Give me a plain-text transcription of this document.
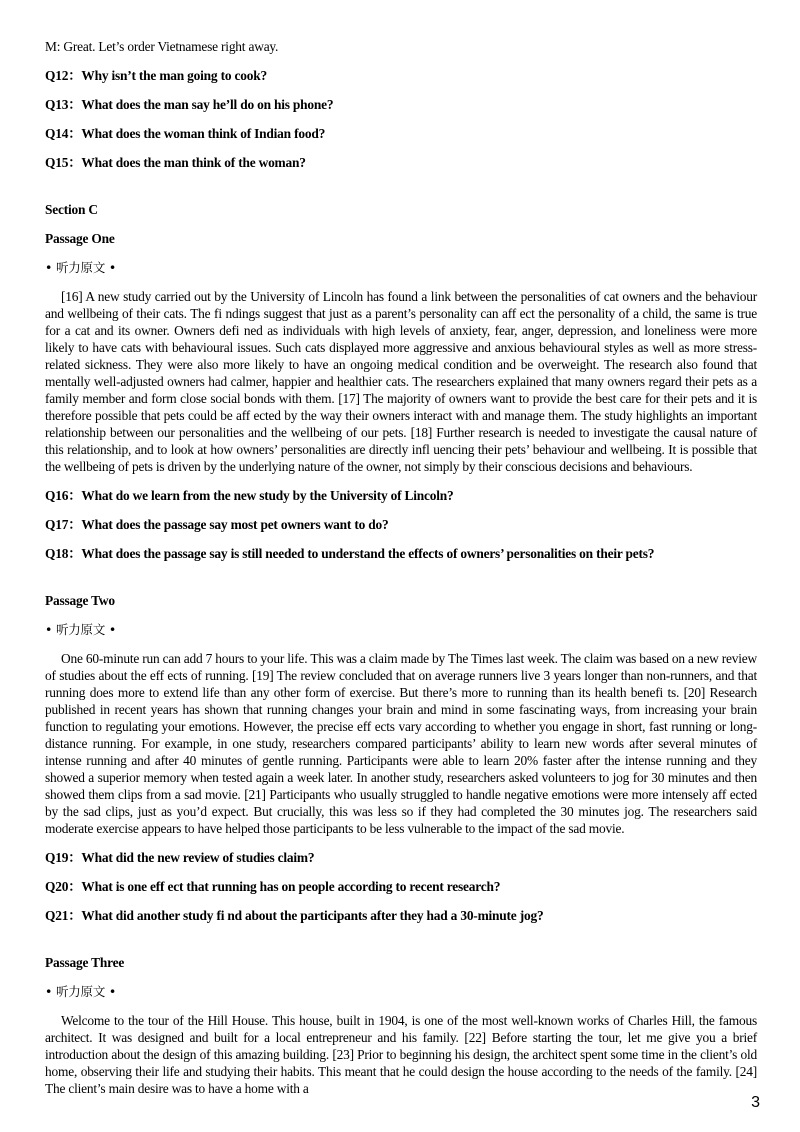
M: Great. Let’s order Vietnamese right away.

Q12：Why isn’t the man going to cook?

Q13：What does the man say he’ll do on his phone?

Q14：What does the woman think of Indian food?

Q15：What does the man think of the woman?

Section C

Passage One

• 听力原文 •

[16] A new study carried out by the University of Lincoln has found a link between the personalities of cat owners and the behaviour and wellbeing of their cats. The fi ndings suggest that just as a parent’s personality can aff ect the personality of a child, the same is true for a cat and its owner. Owners defi ned as individuals with high levels of anxiety, fear, anger, depression, and loneliness were more likely to have cats with behavioural issues. Such cats displayed more aggressive and anxious behavioural styles as well as more stress-related sickness. They were also more likely to have an ongoing medical condition and be overweight. The research also found that mentally well-adjusted owners had calmer, happier and healthier cats. The researchers explained that many owners regard their pets as a family member and form close social bonds with them. [17] The majority of owners want to provide the best care for their pets and it is therefore possible that pets could be aff ected by the way their owners interact with and manage them. The study highlights an important relationship between our personalities and the wellbeing of our pets. [18] Further research is needed to investigate the causal nature of this relationship, and to look at how owners’ personalities are directly infl uencing their pets’ behaviour and wellbeing. It is possible that the wellbeing of pets is driven by the underlying nature of the owner, not simply by their conscious decisions and behaviours.

Q16：What do we learn from the new study by the University of Lincoln?

Q17：What does the passage say most pet owners want to do?

Q18：What does the passage say is still needed to understand the effects of owners’ personalities on their pets?

Passage Two

• 听力原文 •

One 60-minute run can add 7 hours to your life. This was a claim made by The Times last week. The claim was based on a new review of studies about the eff ects of running. [19] The review concluded that on average runners live 3 years longer than non-runners, and that running does more to extend life than any other form of exercise. But there’s more to running than its health benefi ts. [20] Research published in recent years has shown that running changes your brain and mind in some fascinating ways, from increasing your brain function to regulating your emotions. However, the precise eff ects vary according to whether you engage in short, fast running or long-distance running. For example, in one study, researchers compared participants’ ability to learn new words after several minutes of intense running and after 40 minutes of gentle running. Participants were able to learn 20% faster after the intense running and they showed a superior memory when tested again a week later. In another study, researchers asked volunteers to jog for 30 minutes and then showed them clips from a sad movie. [21] Participants who usually struggled to handle negative emotions were more intensely aff ected by the sad clips, just as you’d expect. But crucially, this was less so if they had completed the 30 minutes jog. The researchers said moderate exercise appears to have helped those participants to be less vulnerable to the impact of the sad movie.

Q19：What did the new review of studies claim?

Q20：What is one eff ect that running has on people according to recent research?

Q21：What did another study fi nd about the participants after they had a 30-minute jog?

Passage Three

• 听力原文 •

Welcome to the tour of the Hill House. This house, built in 1904, is one of the most well-known works of Charles Hill, the famous architect. It was designed and built for a local entrepreneur and his family. [22] Before starting the tour, let me give you a brief introduction about the design of this amazing building. [23] Prior to beginning his design, the architect spent some time in the client’s old home, observing their life and studying their habits. This meant that he could design the house according to the needs of the family. [24] The client’s main desire was to have a home with a

3
